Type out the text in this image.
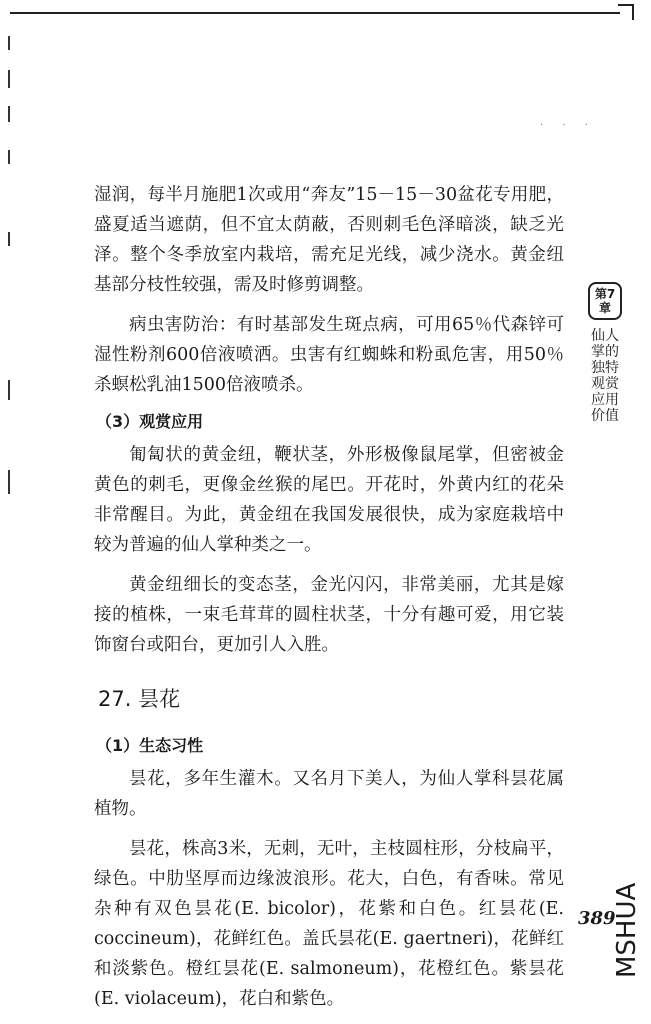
· · ·

湿润，每半月施肥1次或用“奔友”15－15－30盆花专用肥，盛夏适当遮荫，但不宜太荫蔽，否则刺毛色泽暗淡，缺乏光泽。整个冬季放室内栽培，需充足光线，减少浇水。黄金纽基部分枝性较强，需及时修剪调整。

病虫害防治：有时基部发生斑点病，可用65％代森锌可湿性粉剂600倍液喷洒。虫害有红蜘蛛和粉虱危害，用50％杀螟松乳油1500倍液喷杀。

（3）观赏应用

匍匐状的黄金纽，鞭状茎，外形极像鼠尾掌，但密被金黄色的刺毛，更像金丝猴的尾巴。开花时，外黄内红的花朵非常醒目。为此，黄金纽在我国发展很快，成为家庭栽培中较为普遍的仙人掌种类之一。

黄金纽细长的变态茎，金光闪闪，非常美丽，尤其是嫁接的植株，一束毛茸茸的圆柱状茎，十分有趣可爱，用它装饰窗台或阳台，更加引人入胜。

27. 昙花
（1）生态习性

昙花，多年生灌木。又名月下美人，为仙人掌科昙花属植物。

昙花，株高3米，无刺，无叶，主枝圆柱形，分枝扁平，绿色。中肋坚厚而边缘波浪形。花大，白色，有香味。常见杂种有双色昙花(E. bicolor)，花紫和白色。红昙花(E. coccineum)，花鲜红色。盖氏昙花(E. gaertneri)，花鲜红和淡紫色。橙红昙花(E. salmoneum)，花橙红色。紫昙花(E. violaceum)，花白和紫色。

第7章
仙人掌的独特观赏应用价值
389
MSHUA
